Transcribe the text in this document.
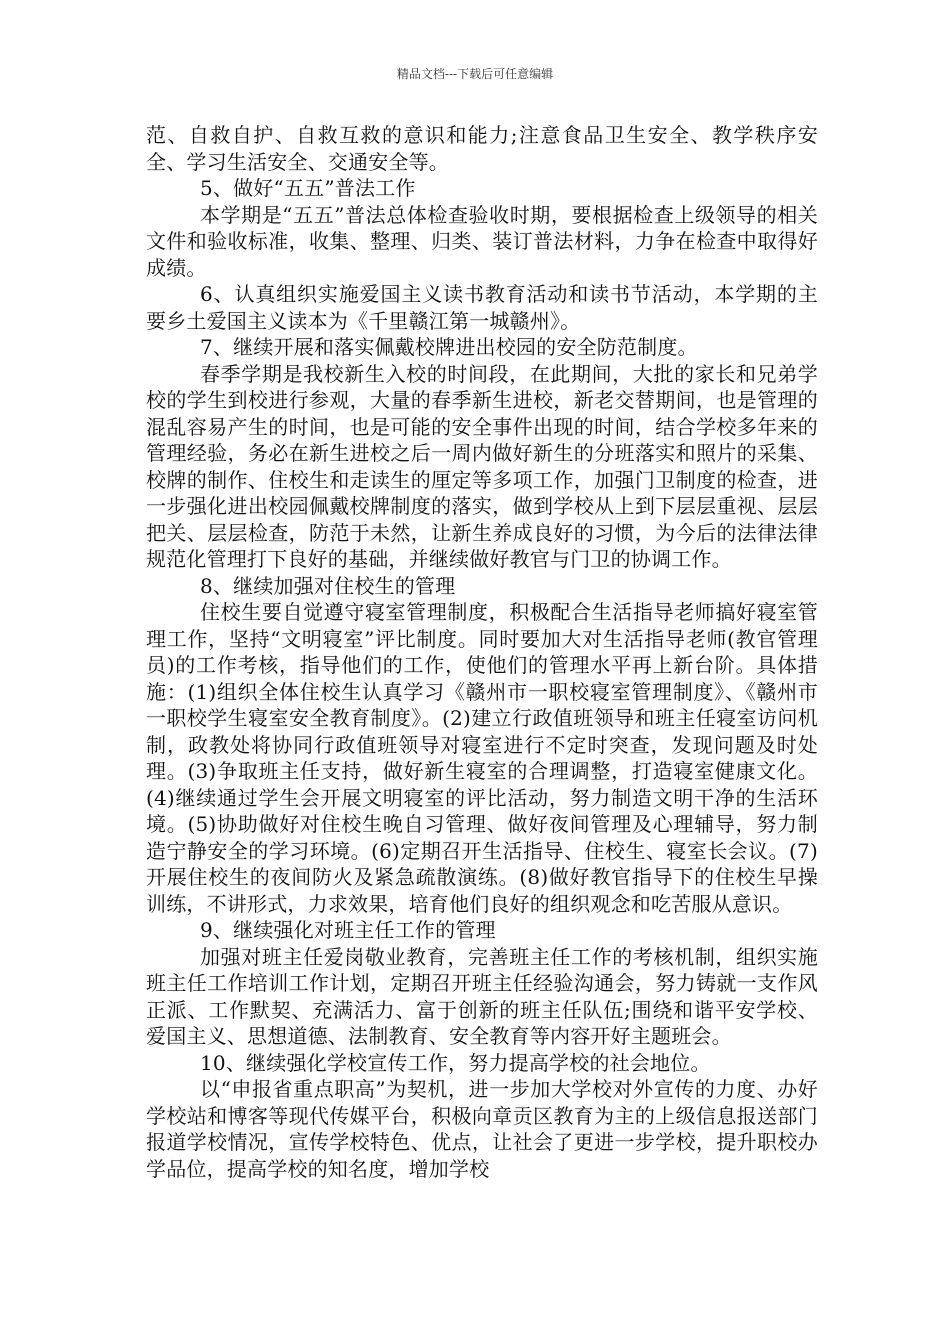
精品文档---下载后可任意编辑

范、自救自护、自救互救的意识和能力;注意食品卫生安全、教学秩序安全、学习生活安全、交通安全等。

5、做好“五五”普法工作

本学期是“五五”普法总体检查验收时期，要根据检查上级领导的相关文件和验收标准，收集、整理、归类、装订普法材料，力争在检查中取得好成绩。

6、认真组织实施爱国主义读书教育活动和读书节活动，本学期的主要乡土爱国主义读本为《千里赣江第一城赣州》。

7、继续开展和落实佩戴校牌进出校园的安全防范制度。

春季学期是我校新生入校的时间段，在此期间，大批的家长和兄弟学校的学生到校进行参观，大量的春季新生进校，新老交替期间，也是管理的混乱容易产生的时间，也是可能的安全事件出现的时间，结合学校多年来的管理经验，务必在新生进校之后一周内做好新生的分班落实和照片的采集、校牌的制作、住校生和走读生的厘定等多项工作，加强门卫制度的检查，进一步强化进出校园佩戴校牌制度的落实，做到学校从上到下层层重视、层层把关、层层检查，防范于未然，让新生养成良好的习惯，为今后的法律法律规范化管理打下良好的基础，并继续做好教官与门卫的协调工作。

8、继续加强对住校生的管理

住校生要自觉遵守寝室管理制度，积极配合生活指导老师搞好寝室管理工作，坚持“文明寝室”评比制度。同时要加大对生活指导老师(教官管理员)的工作考核，指导他们的工作，使他们的管理水平再上新台阶。具体措施：(1)组织全体住校生认真学习《赣州市一职校寝室管理制度》、《赣州市一职校学生寝室安全教育制度》。(2)建立行政值班领导和班主任寝室访问机制，政教处将协同行政值班领导对寝室进行不定时突查，发现问题及时处理。(3)争取班主任支持，做好新生寝室的合理调整，打造寝室健康文化。(4)继续通过学生会开展文明寝室的评比活动，努力制造文明干净的生活环境。(5)协助做好对住校生晚自习管理、做好夜间管理及心理辅导，努力制造宁静安全的学习环境。(6)定期召开生活指导、住校生、寝室长会议。(7)开展住校生的夜间防火及紧急疏散演练。(8)做好教官指导下的住校生早操训练，不讲形式，力求效果，培育他们良好的组织观念和吃苦服从意识。

9、继续强化对班主任工作的管理

加强对班主任爱岗敬业教育，完善班主任工作的考核机制，组织实施班主任工作培训工作计划，定期召开班主任经验沟通会，努力铸就一支作风正派、工作默契、充满活力、富于创新的班主任队伍;围绕和谐平安学校、爱国主义、思想道德、法制教育、安全教育等内容开好主题班会。

10、继续强化学校宣传工作，努力提高学校的社会地位。

以“申报省重点职高”为契机，进一步加大学校对外宣传的力度、办好学校站和博客等现代传媒平台，积极向章贡区教育为主的上级信息报送部门报道学校情况，宣传学校特色、优点，让社会了更进一步学校，提升职校办学品位，提高学校的知名度，增加学校
